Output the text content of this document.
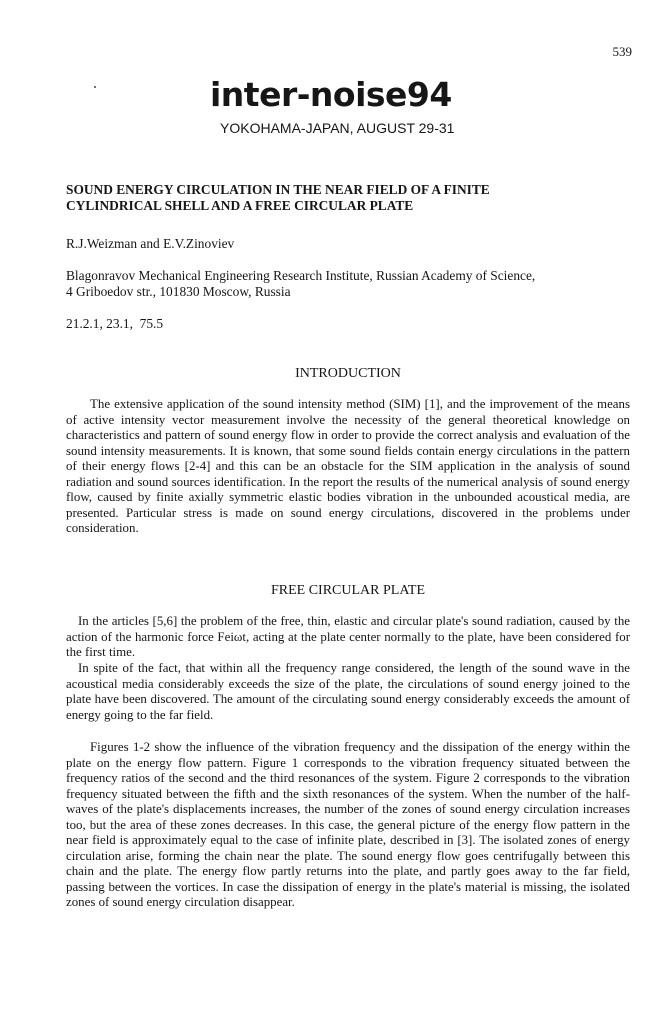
539
inter-noise94
YOKOHAMA-JAPAN, AUGUST 29-31
SOUND ENERGY CIRCULATION IN THE NEAR FIELD OF A FINITE
CYLINDRICAL SHELL AND A FREE CIRCULAR PLATE
R.J.Weizman and E.V.Zinoviev
Blagonravov Mechanical Engineering Research Institute, Russian Academy of Science,
4 Griboedov str., 101830 Moscow, Russia
21.2.1, 23.1,  75.5
INTRODUCTION
The extensive application of the sound intensity method (SIM) [1], and the improvement of the means of active intensity vector measurement involve the necessity of the general theoretical knowledge on characteristics and pattern of sound energy flow in order to provide the correct analysis and evaluation of the sound intensity measurements. It is known, that some sound fields contain energy circulations in the pattern of their energy flows [2-4] and this can be an obstacle for the SIM application in the analysis of sound radiation and sound sources identification. In the report the results of the numerical analysis of sound energy flow, caused by finite axially symmetric elastic bodies vibration in the unbounded acoustical media, are presented. Particular stress is made on sound energy circulations, discovered in the problems under consideration.
FREE CIRCULAR PLATE
In the articles [5,6] the problem of the free, thin, elastic and circular plate's sound radiation, caused by the action of the harmonic force Feiωt, acting at the plate center normally to the plate, have been considered for the first time.
In spite of the fact, that within all the frequency range considered, the length of the sound wave in the acoustical media considerably exceeds the size of the plate, the circulations of sound energy joined to the plate have been discovered. The amount of the circulating sound energy considerably exceeds the amount of energy going to the far field.
Figures 1-2 show the influence of the vibration frequency and the dissipation of the energy within the plate on the energy flow pattern. Figure 1 corresponds to the vibration frequency situated between the frequency ratios of the second and the third resonances of the system. Figure 2 corresponds to the vibration frequency situated between the fifth and the sixth resonances of the system. When the number of the half-waves of the plate's displacements increases, the number of the zones of sound energy circulation increases too, but the area of these zones decreases. In this case, the general picture of the energy flow pattern in the near field is approximately equal to the case of infinite plate, described in [3]. The isolated zones of energy circulation arise, forming the chain near the plate. The sound energy flow goes centrifugally between this chain and the plate. The energy flow partly returns into the plate, and partly goes away to the far field, passing between the vortices. In case the dissipation of energy in the plate's material is missing, the isolated zones of sound energy circulation disappear.
